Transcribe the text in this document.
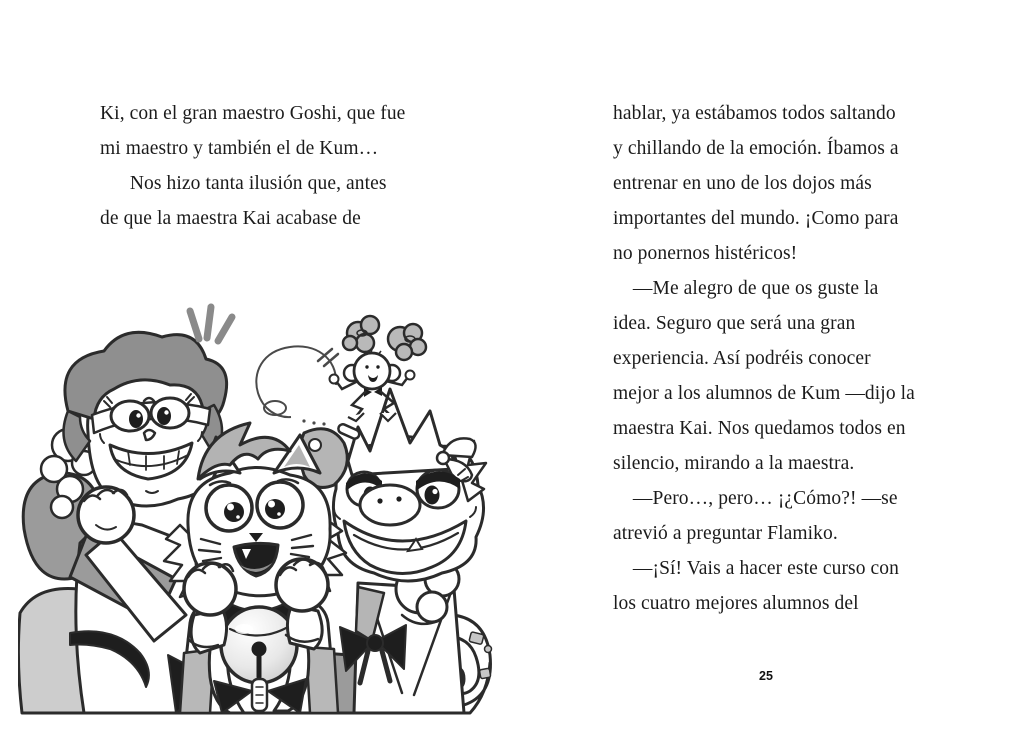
Ki, con el gran maestro Goshi, que fue
mi maestro y también el de Kum…
Nos hizo tanta ilusión que, antes
de que la maestra Kai acabase de
hablar, ya estábamos todos saltando
y chillando de la emoción. Íbamos a
entrenar en uno de los dojos más
importantes del mundo. ¡Como para
no ponernos histéricos!
—Me alegro de que os guste la
idea. Seguro que será una gran
experiencia. Así podréis conocer
mejor a los alumnos de Kum —dijo la
maestra Kai. Nos quedamos todos en
silencio, mirando a la maestra.
—Pero…, pero… ¡¿Cómo?! —se
atrevió a preguntar Flamiko.
—¡Sí! Vais a hacer este curso con
los cuatro mejores alumnos del
25
